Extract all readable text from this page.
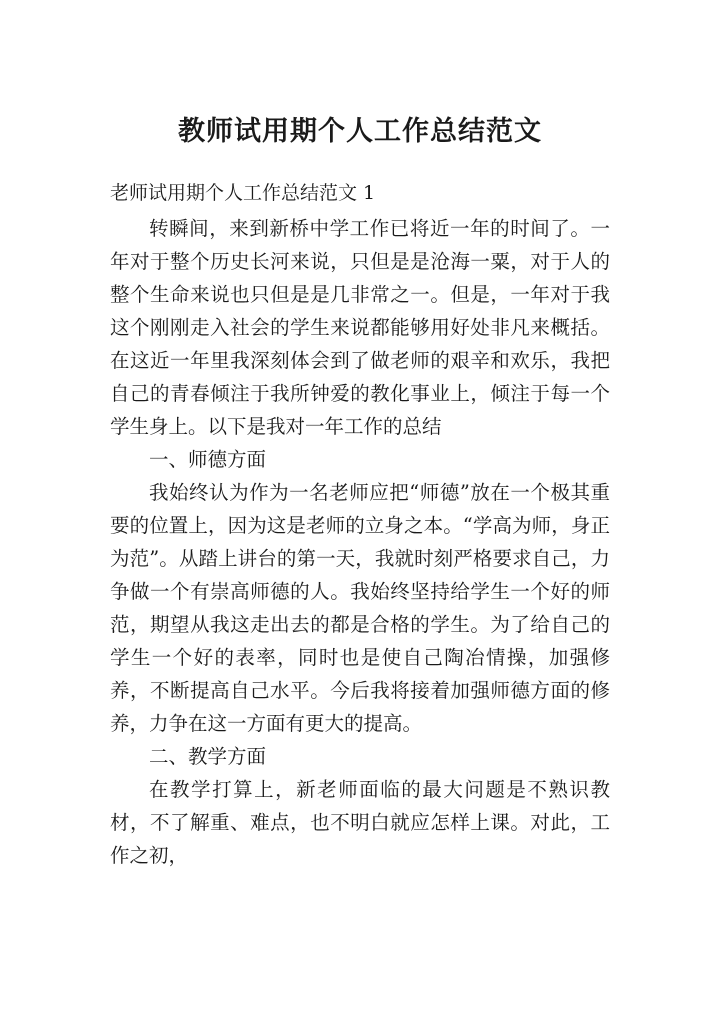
教师试用期个人工作总结范文
老师试用期个人工作总结范文 1

转瞬间，来到新桥中学工作已将近一年的时间了。一年对于整个历史长河来说，只但是是沧海一粟，对于人的整个生命来说也只但是是几非常之一。但是，一年对于我这个刚刚走入社会的学生来说都能够用好处非凡来概括。在这近一年里我深刻体会到了做老师的艰辛和欢乐，我把自己的青春倾注于我所钟爱的教化事业上，倾注于每一个学生身上。以下是我对一年工作的总结

一、师德方面

我始终认为作为一名老师应把“师德”放在一个极其重要的位置上，因为这是老师的立身之本。“学高为师，身正为范”。从踏上讲台的第一天，我就时刻严格要求自己，力争做一个有崇高师德的人。我始终坚持给学生一个好的师范，期望从我这走出去的都是合格的学生。为了给自己的学生一个好的表率，同时也是使自己陶冶情操，加强修养，不断提高自己水平。今后我将接着加强师德方面的修养，力争在这一方面有更大的提高。

二、教学方面

在教学打算上，新老师面临的最大问题是不熟识教材，不了解重、难点，也不明白就应怎样上课。对此，工作之初，
